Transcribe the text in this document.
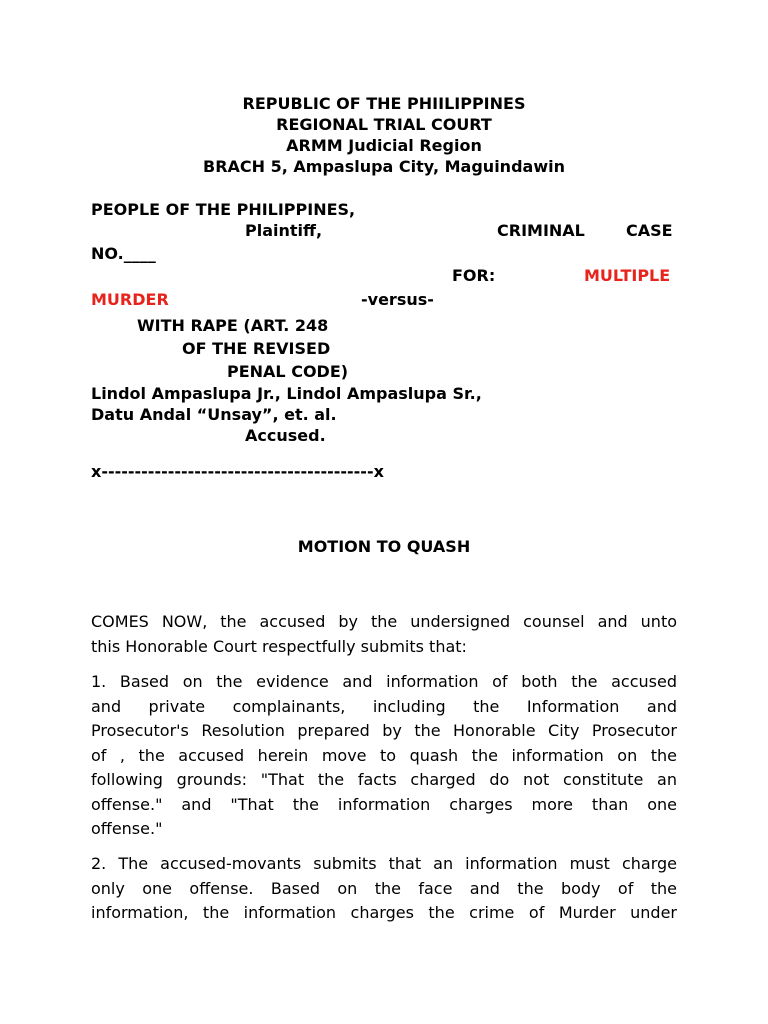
REPUBLIC OF THE PHIILIPPINES
REGIONAL TRIAL COURT
ARMM Judicial Region
BRACH 5, Ampaslupa City, Maguindawin
PEOPLE OF THE PHILIPPINES,
Plaintiff,	CRIMINAL	CASE
NO.____
FOR:	MULTIPLE
MURDER	-versus-
WITH RAPE (ART. 248
OF THE REVISED
PENAL CODE)
Lindol Ampaslupa Jr., Lindol Ampaslupa Sr.,
Datu Andal “Unsay”, et. al.
Accused.
x-----------------------------------------x
MOTION TO QUASH
COMES NOW, the accused by the undersigned counsel and unto
this Honorable Court respectfully submits that:
1. Based on the evidence and information of both the accused
and private complainants, including the Information and
Prosecutor's Resolution prepared by the Honorable City Prosecutor
of , the accused herein move to quash the information on the
following grounds: "That the facts charged do not constitute an
offense." and "That the information charges more than one
offense."
2. The accused-movants submits that an information must charge
only one offense. Based on the face and the body of the
information, the information charges the crime of Murder under
